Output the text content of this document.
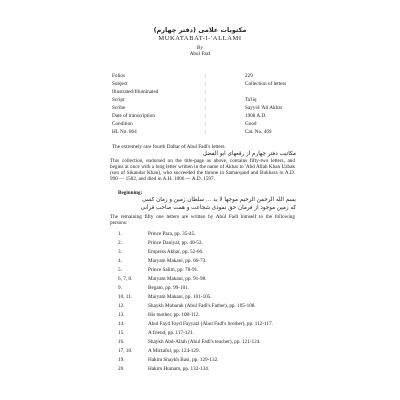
مکتوبات علامی (دفتر چهارم)
MUKATABAT-I-'ALLAMI
By
Abul Fazl
Folios	:	229
Subject	:	Collection of letters
Illustrated/Illuminated	:
Script	:	Ta'liq
Scribe	:	Sayyid 'Ali Akbar
Date of transcription	:	1908 A.D.
Condition	:	Good
HL No. 864	:	Cat. No. 469
The extremely rare fourth Daftar of Abul Fadl's letters.
مکاتیب دفتر چهارم از رقعهای ابو الفضل
This collection, endorsed on the title-page as above, contains fifty-two letters, and begins at once with a long letter written in the name of Akbar to 'Abd Allah Khan Uzbak (son of Sikandar Khan), who succeeded the throne in Samarqand and Bukhara in A.D. 990 — 1582, and died in A.H. 1006 — A.D. 1597.
Beginning:
بسم الله الرحمن الرحیم موجها لا بد ... سلطان زمین و زمان کسی
که زمین موجود از فرمان حق نمودی شجاعت و همت صاحب قرانی
The remaining fifty one letters are written by Abul Fadl himself to the following persons:
1.	Prince Para, pp. 35-45.
2.	Prince Daniyal, pp. 40-53.
3.	Empress Akbar, pp. 52-66.
4.	Maryam Makani, pp. 66-73.
5.	Prince Salim, pp. 78-91.
6, 7, 8.	Maryam Makani, pp. 91-98.
9.	Begam, pp. 99-101.
10, 11.	Maryam Makani, pp. 101-105.
12.	Shaykh Mubarak (Abul Fadl's Father), pp. 105-108.
13.	His mother, pp. 108-112.
14.	Abul Fayd Fayd Fayyazi (Abul Fadl's brother), pp. 112-117.
15.	A friend, pp. 117-121.
16.	Shaykh Abd-Allah (Abul Fadl's teacher), pp. 121-124.
17, 18.	A Mirzaful, pp. 124-129.
19.	Hakim Shaykh Basi, pp. 129-132.
20.	Hakim Humam, pp. 132-134.
